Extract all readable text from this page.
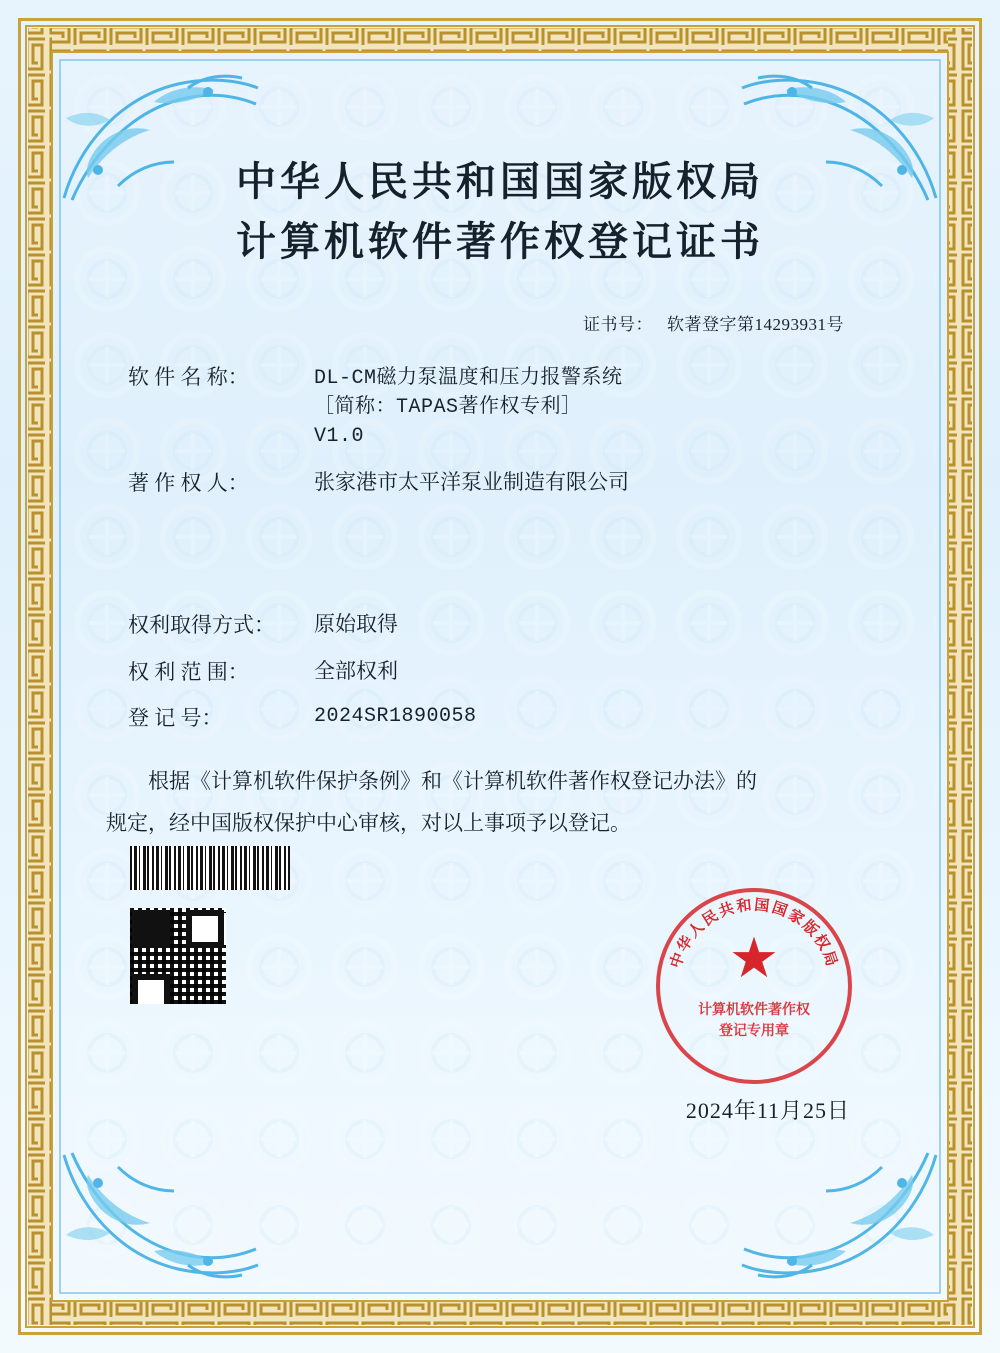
中华人民共和国国家版权局
计算机软件著作权登记证书
证书号： 软著登字第14293931号
软 件 名 称：	DL-CM磁力泵温度和压力报警系统
［简称：TAPAS著作权专利］
V1.0
著 作 权 人：	张家港市太平洋泵业制造有限公司
权利取得方式：	原始取得
权 利 范 围：	全部权利
登 记 号：	2024SR1890058
根据《计算机软件保护条例》和《计算机软件著作权登记办法》的
规定，经中国版权保护中心审核，对以上事项予以登记。
中华人民共和国国家版权局
★
计算机软件著作权
登记专用章
2024年11月25日
